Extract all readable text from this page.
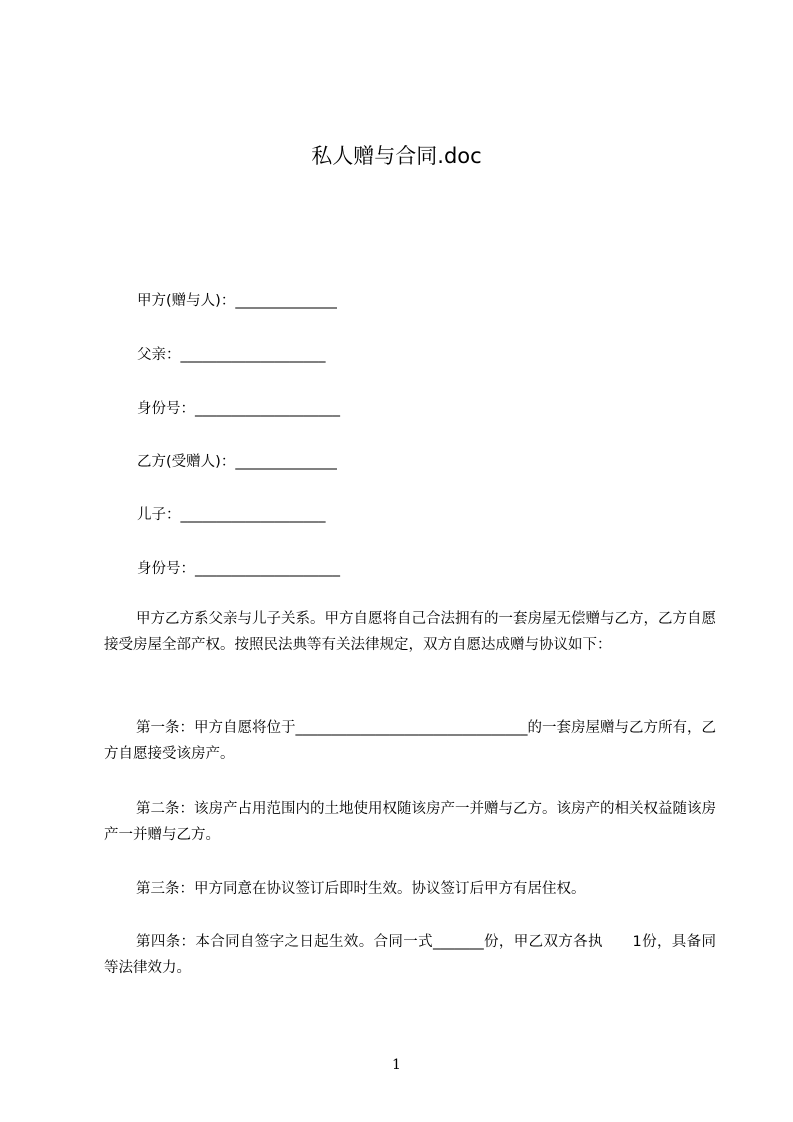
私人赠与合同.doc
甲方(赠与人)：______________
父亲：____________________
身份号：____________________
乙方(受赠人)：______________
儿子：____________________
身份号：____________________
甲方乙方系父亲与儿子关系。甲方自愿将自己合法拥有的一套房屋无偿赠与乙方，乙方自愿接受房屋全部产权。按照民法典等有关法律规定，双方自愿达成赠与协议如下：
第一条：甲方自愿将位于________________________________的一套房屋赠与乙方所有，乙方自愿接受该房产。
第二条：该房产占用范围内的土地使用权随该房产一并赠与乙方。该房产的相关权益随该房产一并赠与乙方。
第三条：甲方同意在协议签订后即时生效。协议签订后甲方有居住权。
第四条：本合同自签字之日起生效。合同一式_______份，甲乙双方各执　　1份，具备同等法律效力。
1
